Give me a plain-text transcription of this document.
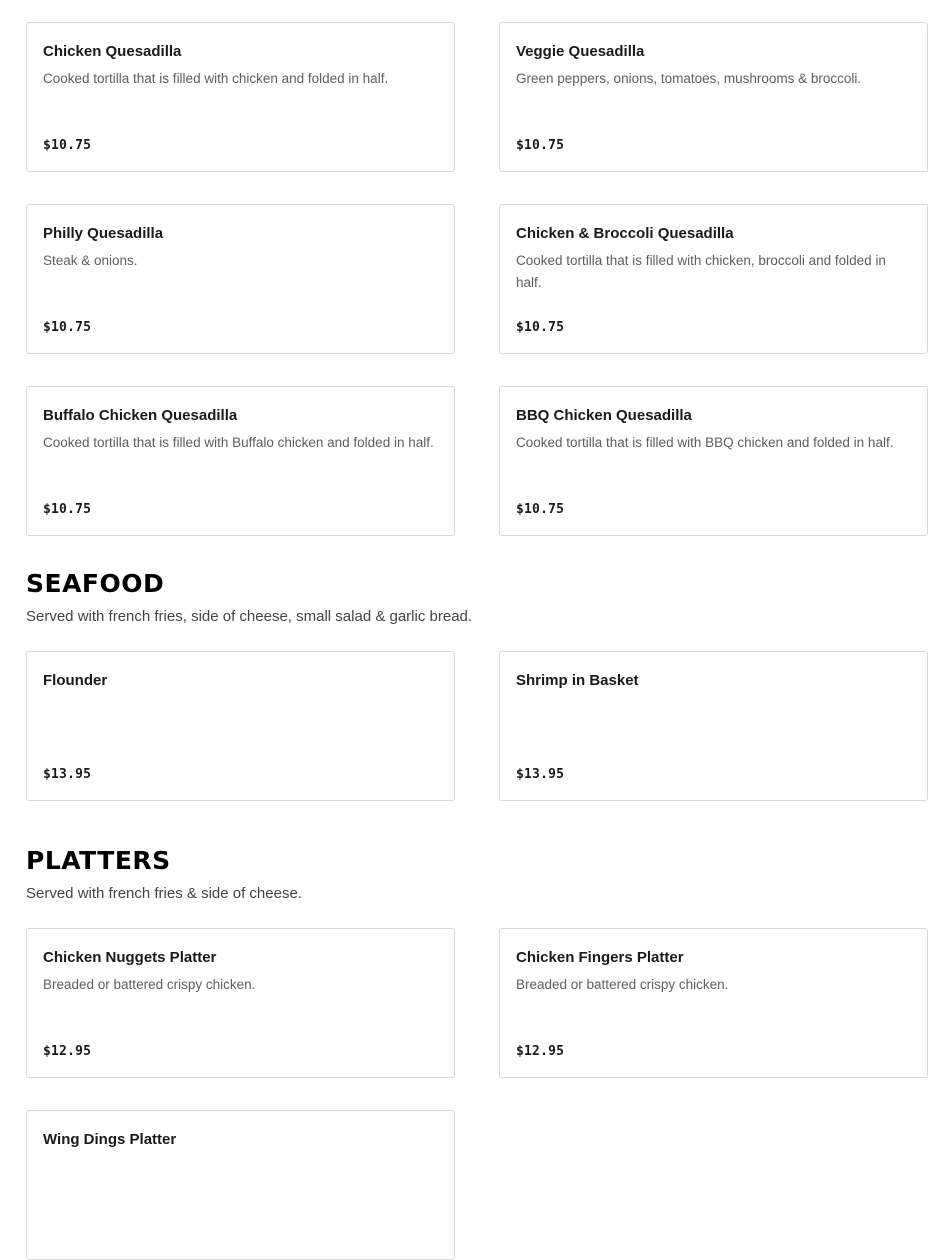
Chicken Quesadilla
Cooked tortilla that is filled with chicken and folded in half.
$10.75
Veggie Quesadilla
Green peppers, onions, tomatoes, mushrooms & broccoli.
$10.75
Philly Quesadilla
Steak & onions.
$10.75
Chicken & Broccoli Quesadilla
Cooked tortilla that is filled with chicken, broccoli and folded in half.
$10.75
Buffalo Chicken Quesadilla
Cooked tortilla that is filled with Buffalo chicken and folded in half.
$10.75
BBQ Chicken Quesadilla
Cooked tortilla that is filled with BBQ chicken and folded in half.
$10.75
SEAFOOD
Served with french fries, side of cheese, small salad & garlic bread.
Flounder
$13.95
Shrimp in Basket
$13.95
PLATTERS
Served with french fries & side of cheese.
Chicken Nuggets Platter
Breaded or battered crispy chicken.
$12.95
Chicken Fingers Platter
Breaded or battered crispy chicken.
$12.95
Wing Dings Platter
